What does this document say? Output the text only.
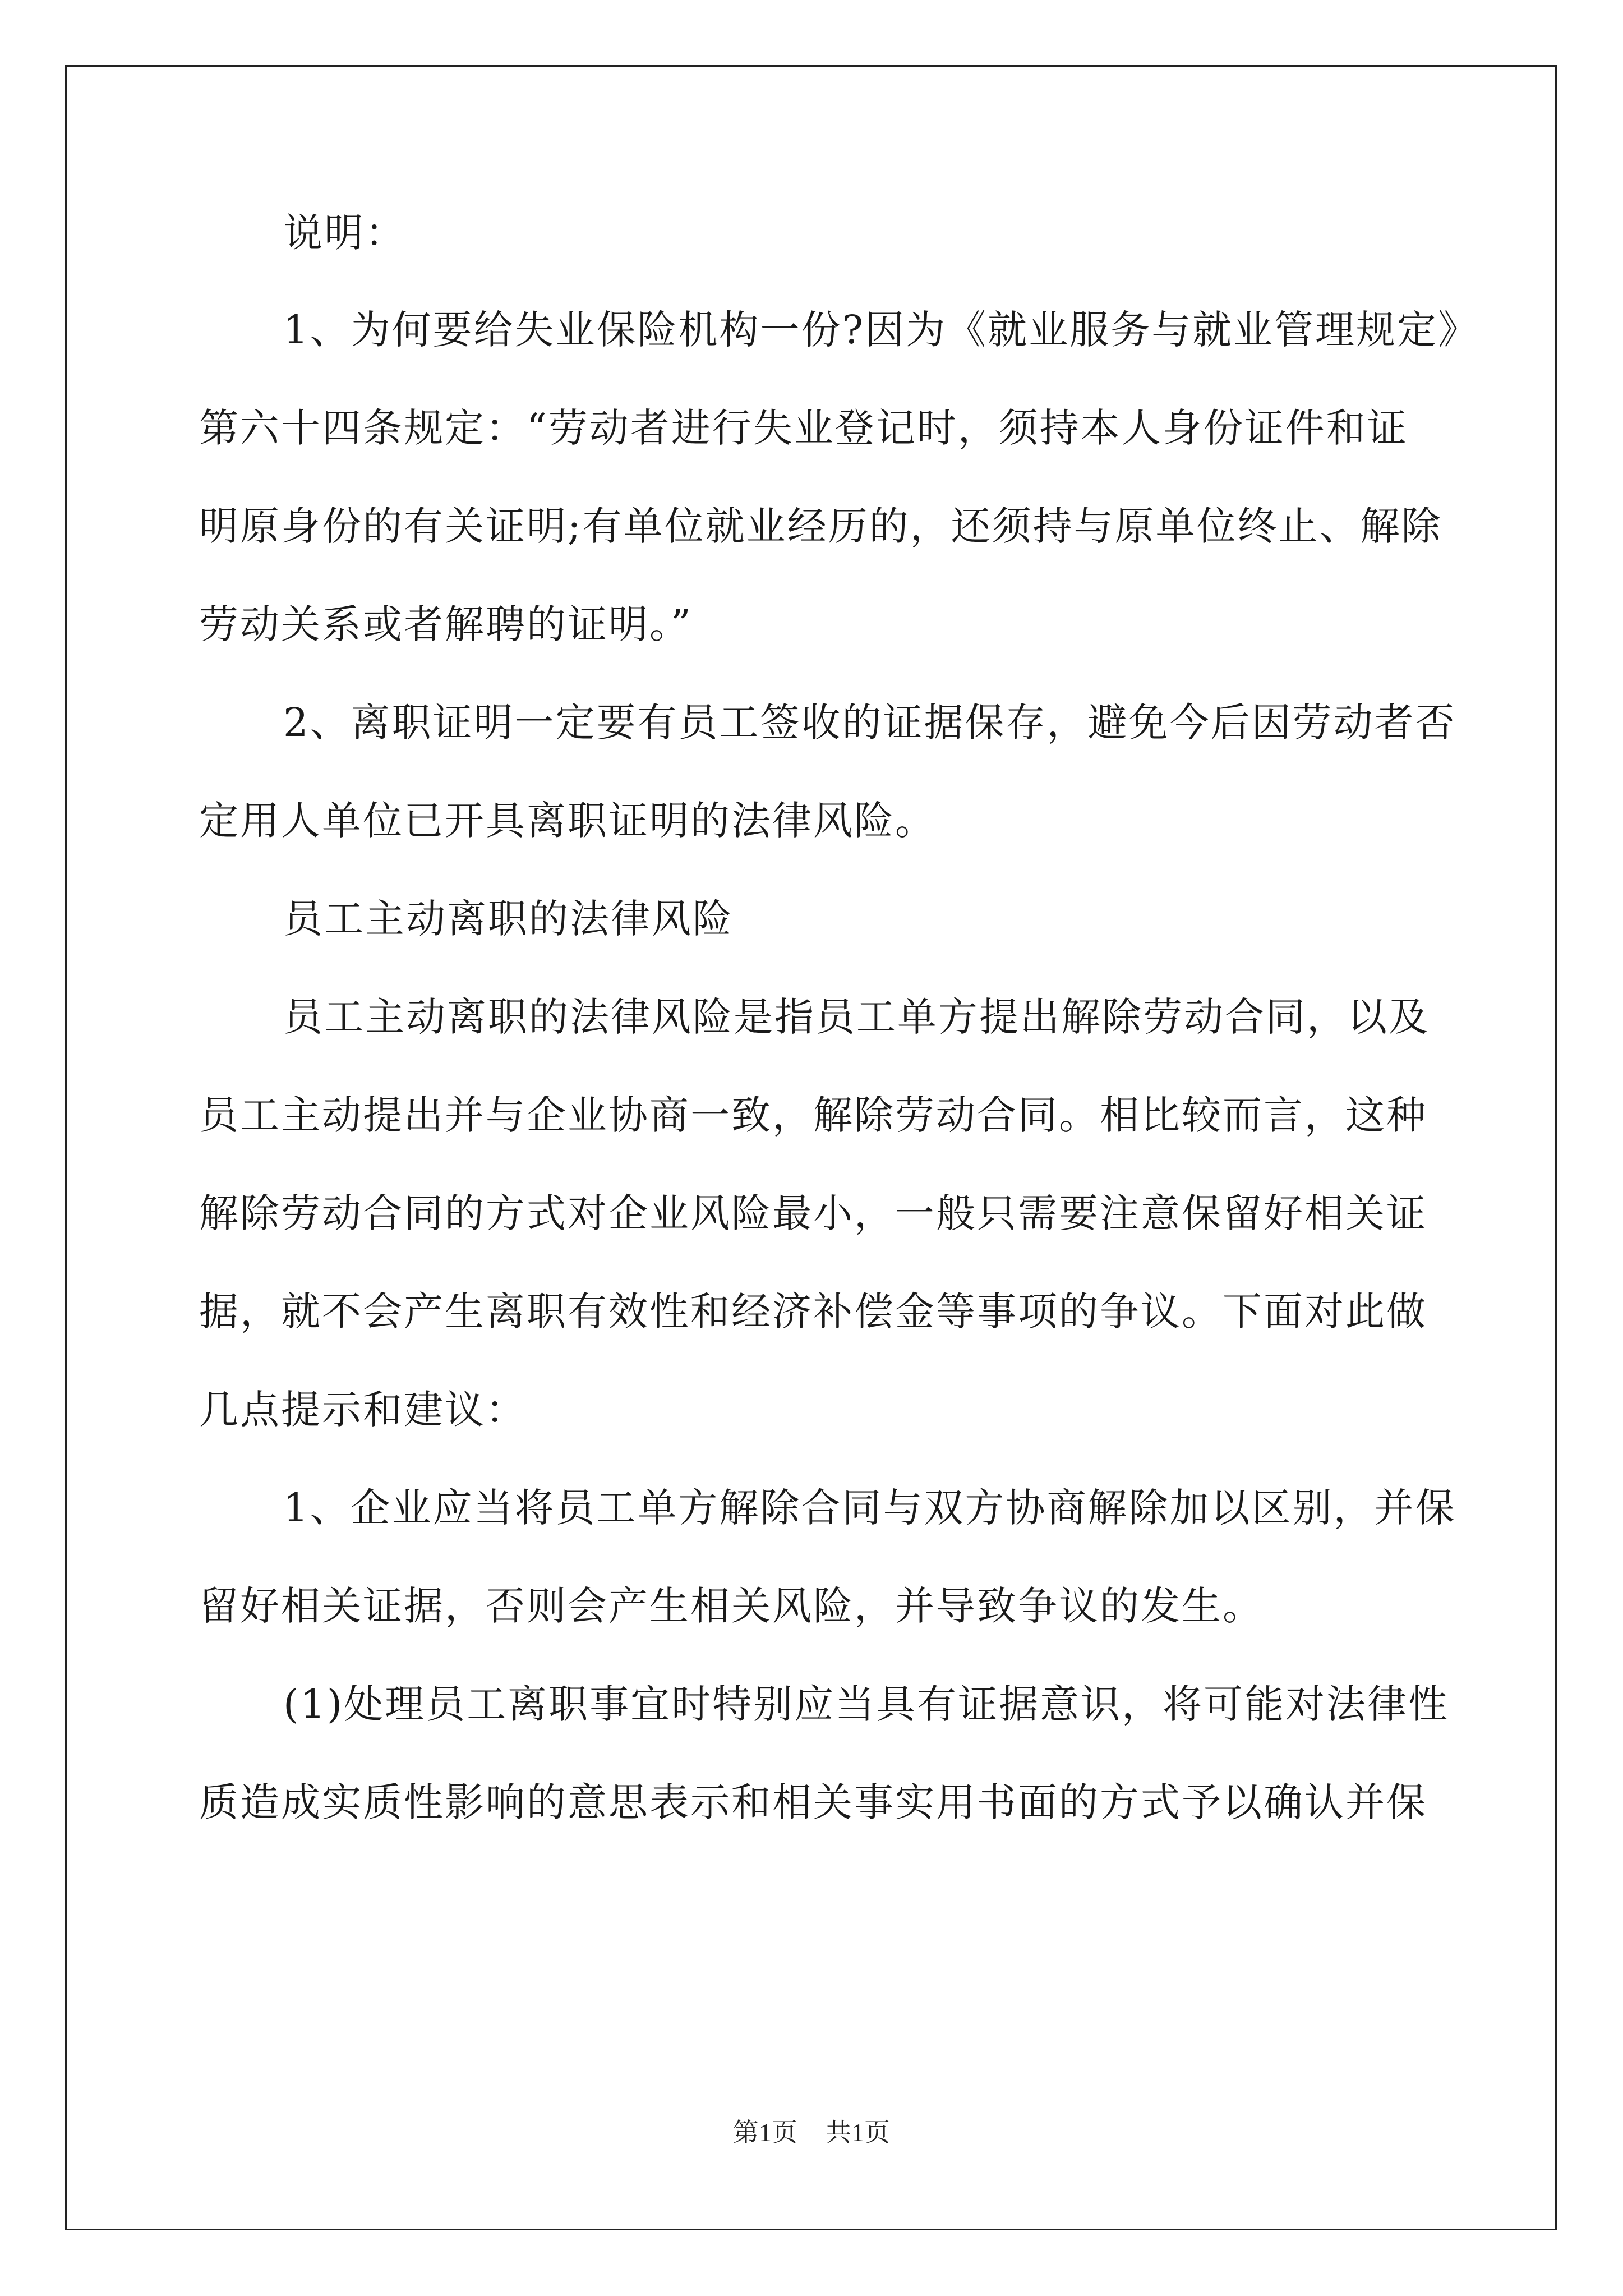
说明：
1、为何要给失业保险机构一份?因为《就业服务与就业管理规定》
第六十四条规定：“劳动者进行失业登记时，须持本人身份证件和证
明原身份的有关证明;有单位就业经历的，还须持与原单位终止、解除
劳动关系或者解聘的证明。”
2、离职证明一定要有员工签收的证据保存，避免今后因劳动者否
定用人单位已开具离职证明的法律风险。
员工主动离职的法律风险
员工主动离职的法律风险是指员工单方提出解除劳动合同，以及
员工主动提出并与企业协商一致，解除劳动合同。相比较而言，这种
解除劳动合同的方式对企业风险最小，一般只需要注意保留好相关证
据，就不会产生离职有效性和经济补偿金等事项的争议。下面对此做
几点提示和建议：
1、企业应当将员工单方解除合同与双方协商解除加以区别，并保
留好相关证据，否则会产生相关风险，并导致争议的发生。
(1)处理员工离职事宜时特别应当具有证据意识，将可能对法律性
质造成实质性影响的意思表示和相关事实用书面的方式予以确认并保
第1页 共1页
